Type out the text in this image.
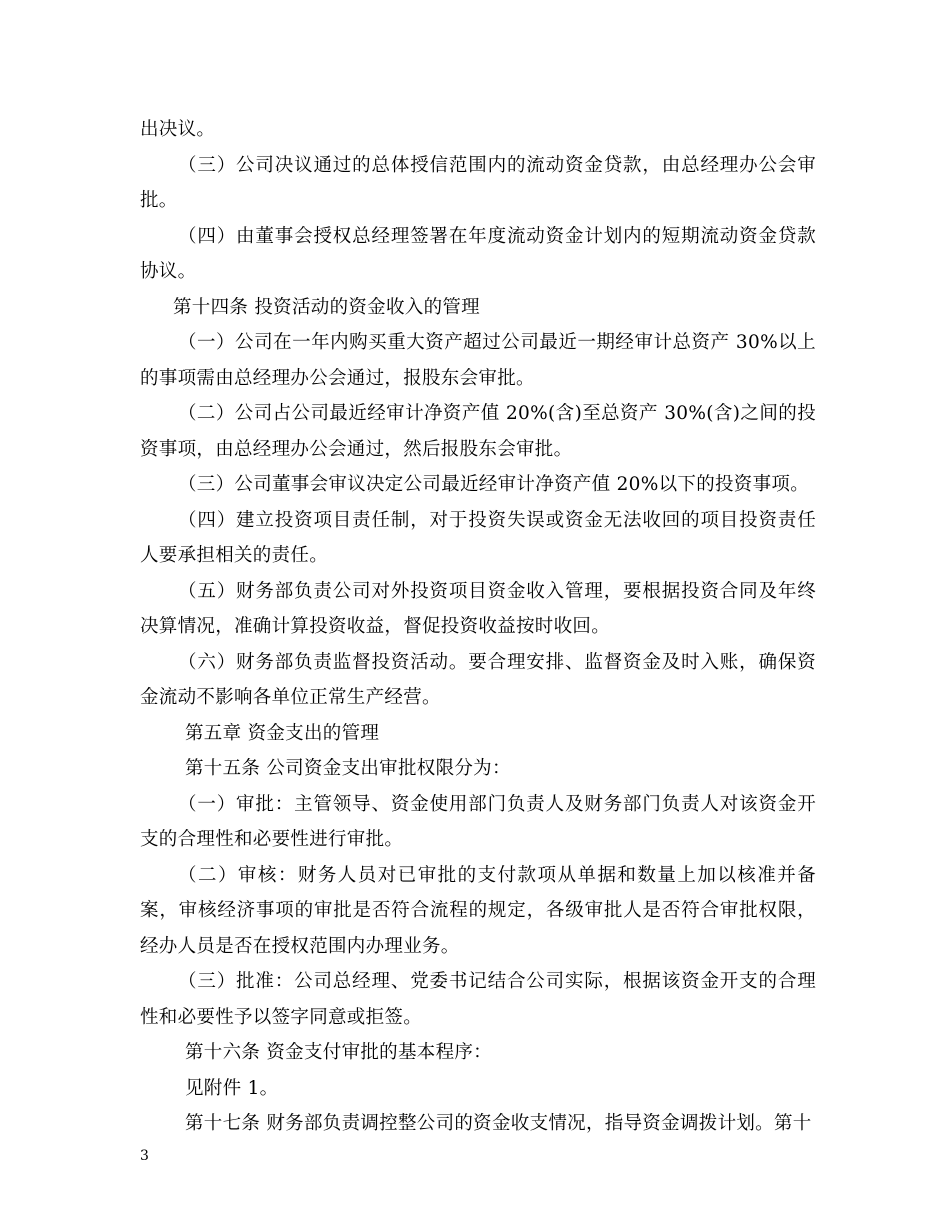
出决议。

（三）公司决议通过的总体授信范围内的流动资金贷款，由总经理办公会审批。

（四）由董事会授权总经理签署在年度流动资金计划内的短期流动资金贷款协议。

第十四条 投资活动的资金收入的管理

（一）公司在一年内购买重大资产超过公司最近一期经审计总资产 30%以上的事项需由总经理办公会通过，报股东会审批。

（二）公司占公司最近经审计净资产值 20%(含)至总资产 30%(含)之间的投资事项，由总经理办公会通过，然后报股东会审批。

（三）公司董事会审议决定公司最近经审计净资产值 20%以下的投资事项。

（四）建立投资项目责任制，对于投资失误或资金无法收回的项目投资责任人要承担相关的责任。

（五）财务部负责公司对外投资项目资金收入管理，要根据投资合同及年终决算情况，准确计算投资收益，督促投资收益按时收回。

（六）财务部负责监督投资活动。要合理安排、监督资金及时入账，确保资金流动不影响各单位正常生产经营。

第五章 资金支出的管理

第十五条 公司资金支出审批权限分为：

（一）审批：主管领导、资金使用部门负责人及财务部门负责人对该资金开支的合理性和必要性进行审批。

（二）审核：财务人员对已审批的支付款项从单据和数量上加以核准并备案，审核经济事项的审批是否符合流程的规定，各级审批人是否符合审批权限，经办人员是否在授权范围内办理业务。

（三）批准：公司总经理、党委书记结合公司实际，根据该资金开支的合理性和必要性予以签字同意或拒签。

第十六条 资金支付审批的基本程序：

见附件 1。

第十七条 财务部负责调控整公司的资金收支情况，指导资金调拨计划。第十

3
